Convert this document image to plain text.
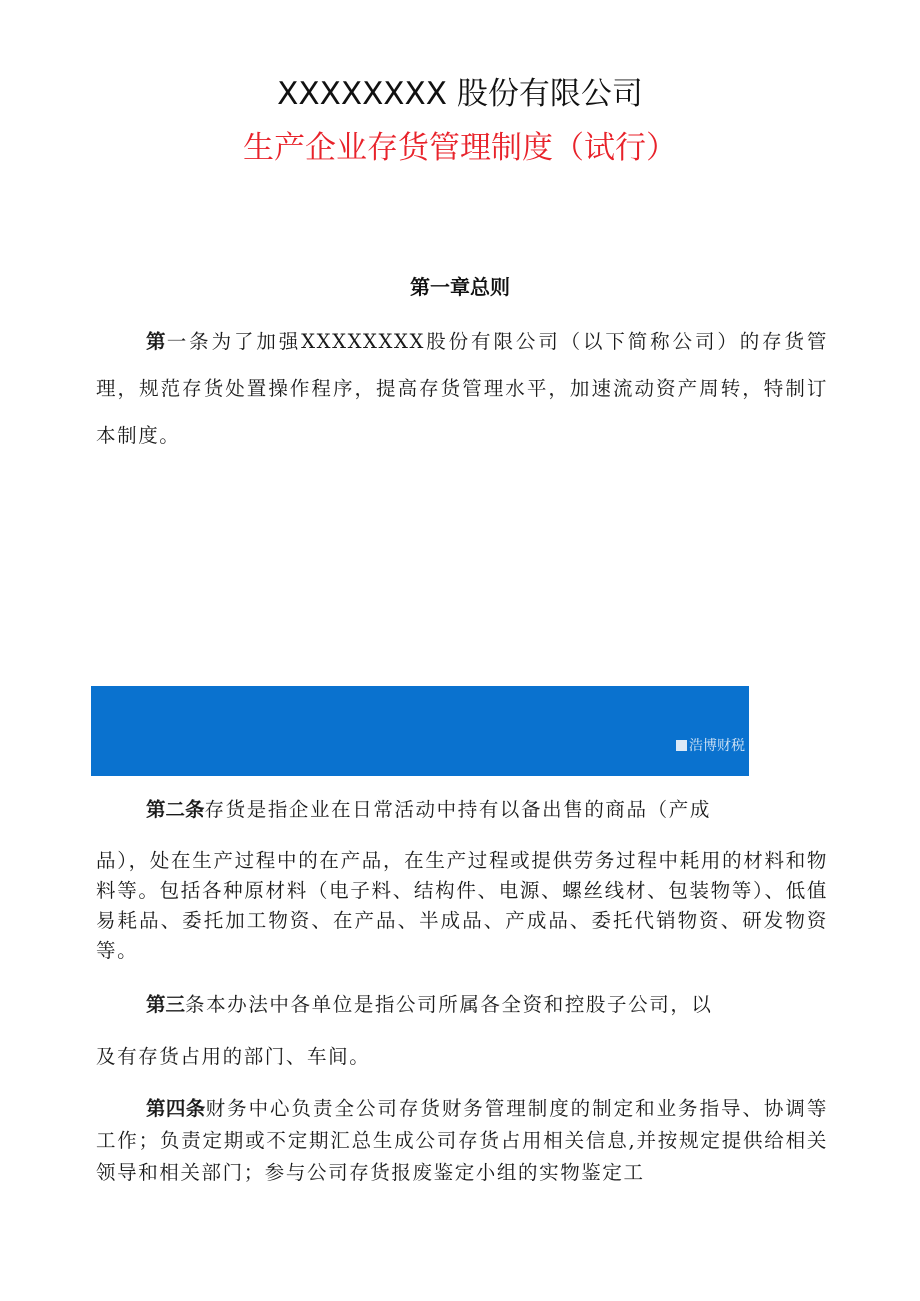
XXXXXXXX 股份有限公司
生产企业存货管理制度（试行）
第一章总则

第一条为了加强XXXXXXXX股份有限公司（以下简称公司）的存货管理，规范存货处置操作程序，提高存货管理水平，加速流动资产周转，特制订本制度。

浩博财税

第二条存货是指企业在日常活动中持有以备出售的商品（产成

品），处在生产过程中的在产品，在生产过程或提供劳务过程中耗用的材料和物料等。包括各种原材料（电子料、结构件、电源、螺丝线材、包装物等）、低值易耗品、委托加工物资、在产品、半成品、产成品、委托代销物资、研发物资等。

第三条本办法中各单位是指公司所属各全资和控股子公司，以

及有存货占用的部门、车间。

第四条财务中心负责全公司存货财务管理制度的制定和业务指导、协调等工作；负责定期或不定期汇总生成公司存货占用相关信息,并按规定提供给相关领导和相关部门；参与公司存货报废鉴定小组的实物鉴定工
